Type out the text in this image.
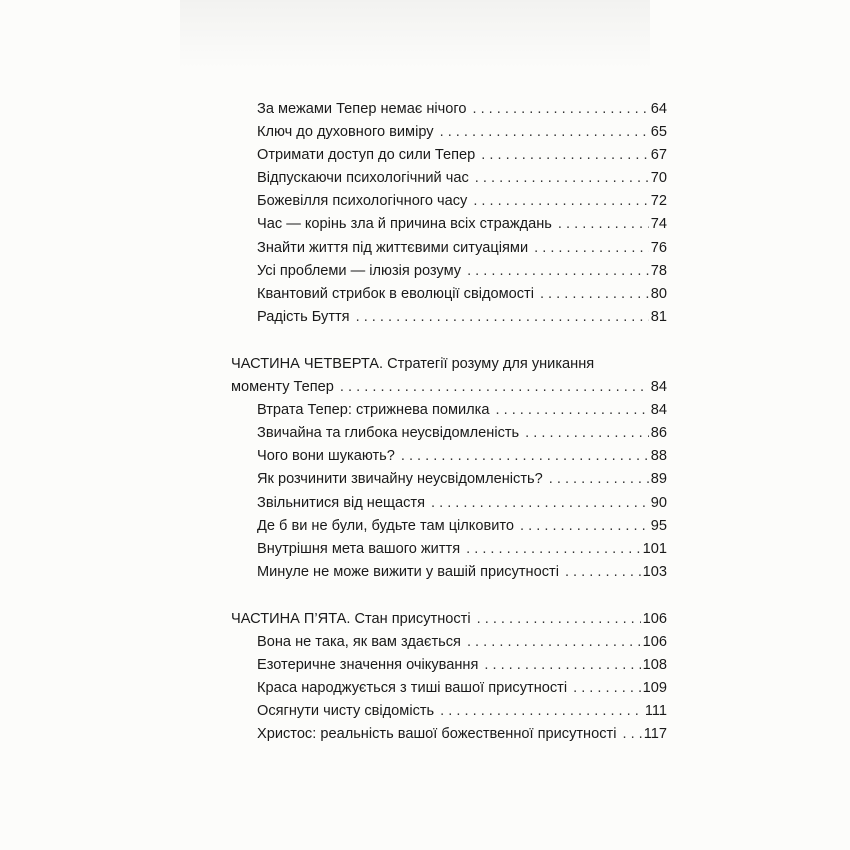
За межами Тепер немає нічого . . .	64
Ключ до духовного виміру . . .	65
Отримати доступ до сили Тепер . . .	67
Відпускаючи психологічний час . . .	70
Божевілля психологічного часу . . .	72
Час — корінь зла й причина всіх страждань . . .	74
Знайти життя під життєвими ситуаціями . . .	76
Усі проблеми — ілюзія розуму . . .	78
Квантовий стрибок в еволюції свідомості . . .	80
Радість Буття . . .	81
ЧАСТИНА ЧЕТВЕРТА. Стратегії розуму для уникання
моменту Тепер . . .	84
Втрата Тепер: стрижнева помилка . . .	84
Звичайна та глибока неусвідомленість . . .	86
Чого вони шукають? . . .	88
Як розчинити звичайну неусвідомленість? . . .	89
Звільнитися від нещастя . . .	90
Де б ви не були, будьте там цілковито . . .	95
Внутрішня мета вашого життя . . .	101
Минуле не може вижити у вашій присутності . . .	103
ЧАСТИНА П’ЯТА. Стан присутності . . .	106
Вона не така, як вам здається . . .	106
Езотеричне значення очікування . . .	108
Краса народжується з тиші вашої присутності . . .	109
Осягнути чисту свідомість . . .	111
Христос: реальність вашої божественної присутності . . . 117
